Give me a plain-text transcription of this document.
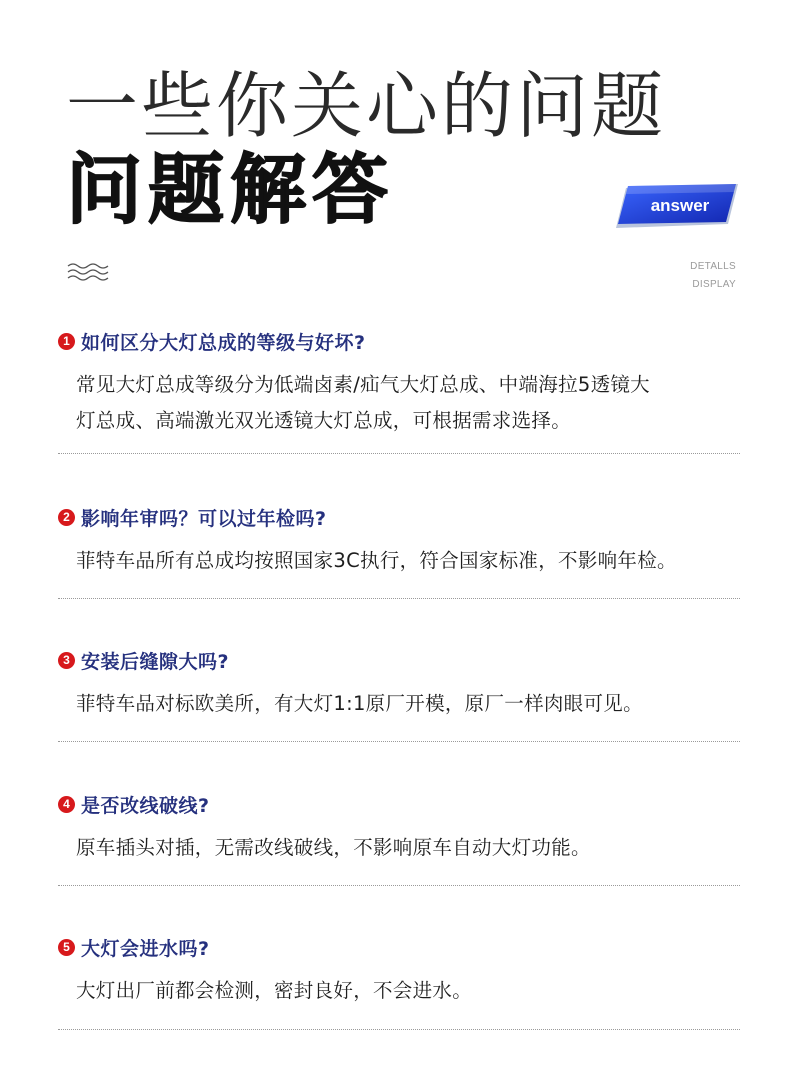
一些你关心的问题
问题解答	answer
DETALLS
DISPLAY
1 如何区分大灯总成的等级与好坏?
常见大灯总成等级分为低端卤素/疝气大灯总成、中端海拉5透镜大
灯总成、高端激光双光透镜大灯总成，可根据需求选择。
2 影响年审吗？可以过年检吗?
菲特车品所有总成均按照国家3C执行，符合国家标准，不影响年检。
3 安装后缝隙大吗?
菲特车品对标欧美所，有大灯1:1原厂开模，原厂一样肉眼可见。
4 是否改线破线?
原车插头对插，无需改线破线，不影响原车自动大灯功能。
5 大灯会进水吗?
大灯出厂前都会检测，密封良好，不会进水。
